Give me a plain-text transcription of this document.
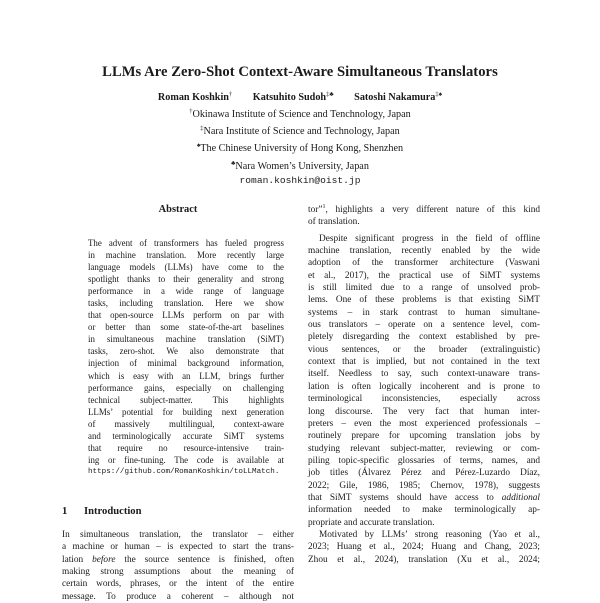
LLMs Are Zero-Shot Context-Aware Simultaneous Translators
Roman Koshkin† Katsuhito Sudoh‡♣ Satoshi Nakamura‡♠
†Okinawa Institute of Science and Tenchnology, Japan
‡Nara Institute of Science and Technology, Japan
♠The Chinese University of Hong Kong, Shenzhen
♣Nara Women’s University, Japan
roman.koshkin@oist.jp
Abstract
The advent of transformers has fueled progress
in machine translation. More recently large
language models (LLMs) have come to the
spotlight thanks to their generality and strong
performance in a wide range of language
tasks, including translation. Here we show
that open-source LLMs perform on par with
or better than some state-of-the-art baselines
in simultaneous machine translation (SiMT)
tasks, zero-shot. We also demonstrate that
injection of minimal background information,
which is easy with an LLM, brings further
performance gains, especially on challenging
technical subject-matter. This highlights
LLMs’ potential for building next generation
of massively multilingual, context-aware
and terminologically accurate SiMT systems
that require no resource-intensive train-
ing or fine-tuning. The code is available at
https://github.com/RomanKoshkin/toLLMatch.
1 Introduction
In simultaneous translation, the translator – either
a machine or human – is expected to start the trans-
lation before the source sentence is finished, often
making strong assumptions about the meaning of
certain words, phrases, or the intent of the entire
message. To produce a coherent – although not
tor”$^1$, highlights a very different nature of this kind
of translation.
Despite significant progress in the field of offline
machine translation, recently enabled by the wide
adoption of the transformer architecture (Vaswani
et al., 2017), the practical use of SiMT systems
is still limited due to a range of unsolved prob-
lems. One of these problems is that existing SiMT
systems – in stark contrast to human simultane-
ous translators – operate on a sentence level, com-
pletely disregarding the context established by pre-
vious sentences, or the broader (extralinguistic)
context that is implied, but not contained in the text
itself. Needless to say, such context-unaware trans-
lation is often logically incoherent and is prone to
terminological inconsistencies, especially across
long discourse. The very fact that human inter-
preters – even the most experienced professionals –
routinely prepare for upcoming translation jobs by
studying relevant subject-matter, reviewing or com-
piling topic-specific glossaries of terms, names, and
job titles (Álvarez Pérez and Pérez-Luzardo Díaz,
2022; Gile, 1986, 1985; Chernov, 1978), suggests
that SiMT systems should have access to additional
information needed to make terminologically ap-
propriate and accurate translation.
Motivated by LLMs’ strong reasoning (Yao et al.,
2023; Huang et al., 2024; Huang and Chang, 2023;
Zhou et al., 2024), translation (Xu et al., 2024;
